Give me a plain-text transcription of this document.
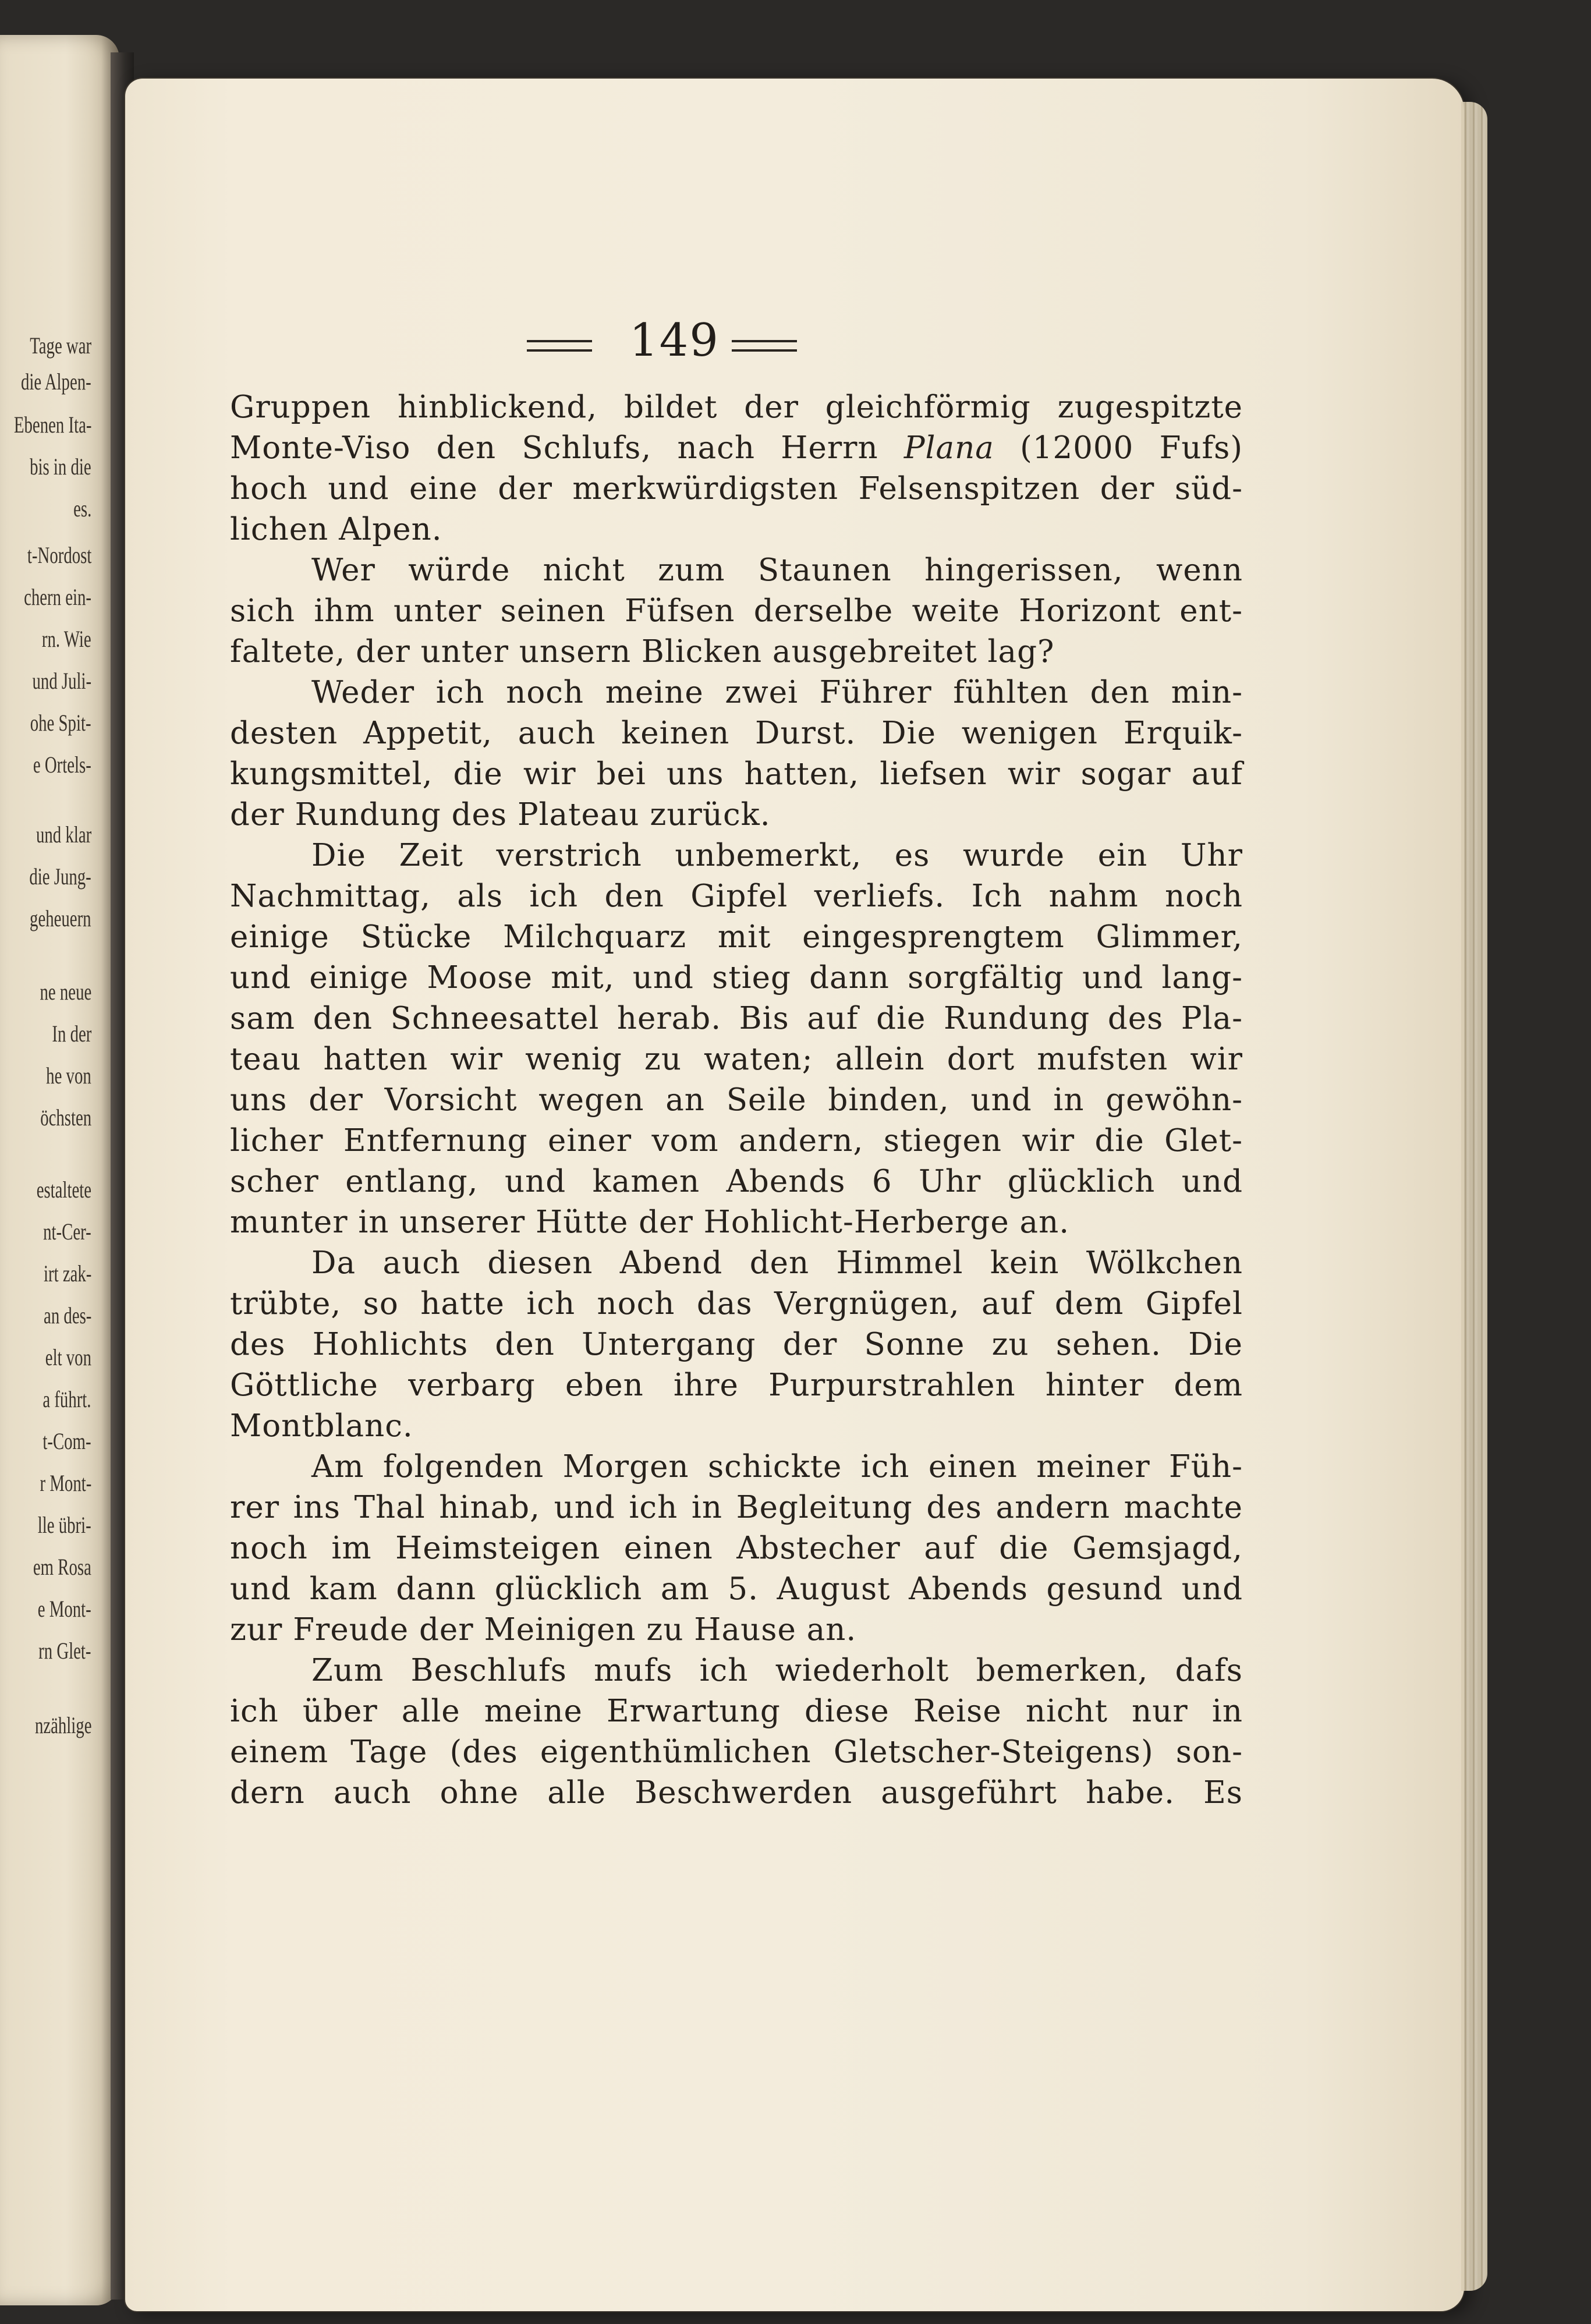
Tage war
die Alpen-
Ebenen Ita-
bis in die
es.
t-Nordost
chern ein-
rn. Wie
und Juli-
ohe Spit-
e Ortels-
und klar
die Jung-
geheuern
ne neue
In der
he von
öchsten
estaltete
nt-Cer-
irt zak-
an des-
elt von
a führt.
t-Com-
r Mont-
lle übri-
em Rosa
e Mont-
rn Glet-
nzählige
149
Gruppen hinblickend, bildet der gleichförmig zugespitzte
Monte-Viso den Schlufs, nach Herrn Plana (12000 Fufs)
hoch und eine der merkwürdigsten Felsenspitzen der süd-
lichen Alpen.
Wer würde nicht zum Staunen hingerissen, wenn
sich ihm unter seinen Füfsen derselbe weite Horizont ent-
faltete, der unter unsern Blicken ausgebreitet lag?
Weder ich noch meine zwei Führer fühlten den min-
desten Appetit, auch keinen Durst. Die wenigen Erquik-
kungsmittel, die wir bei uns hatten, liefsen wir sogar auf
der Rundung des Plateau zurück.
Die Zeit verstrich unbemerkt, es wurde ein Uhr
Nachmittag, als ich den Gipfel verliefs. Ich nahm noch
einige Stücke Milchquarz mit eingesprengtem Glimmer,
und einige Moose mit, und stieg dann sorgfältig und lang-
sam den Schneesattel herab. Bis auf die Rundung des Pla-
teau hatten wir wenig zu waten; allein dort mufsten wir
uns der Vorsicht wegen an Seile binden, und in gewöhn-
licher Entfernung einer vom andern, stiegen wir die Glet-
scher entlang, und kamen Abends 6 Uhr glücklich und
munter in unserer Hütte der Hohlicht-Herberge an.
Da auch diesen Abend den Himmel kein Wölkchen
trübte, so hatte ich noch das Vergnügen, auf dem Gipfel
des Hohlichts den Untergang der Sonne zu sehen. Die
Göttliche verbarg eben ihre Purpurstrahlen hinter dem
Montblanc.
Am folgenden Morgen schickte ich einen meiner Füh-
rer ins Thal hinab, und ich in Begleitung des andern machte
noch im Heimsteigen einen Abstecher auf die Gemsjagd,
und kam dann glücklich am 5. August Abends gesund und
zur Freude der Meinigen zu Hause an.
Zum Beschlufs mufs ich wiederholt bemerken, dafs
ich über alle meine Erwartung diese Reise nicht nur in
einem Tage (des eigenthümlichen Gletscher-Steigens) son-
dern auch ohne alle Beschwerden ausgeführt habe. Es
